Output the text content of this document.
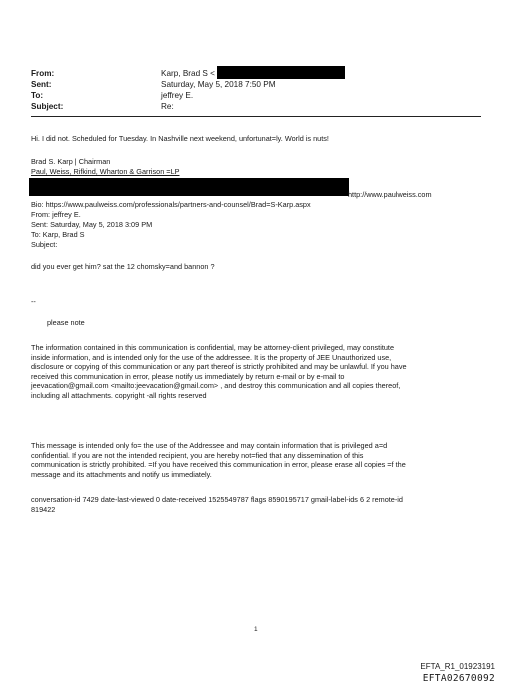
From:	Karp, Brad S <
Sent:	Saturday, May 5, 2018 7:50 PM
To:	jeffrey E.
Subject:	Re:
Hi. I did not. Scheduled for Tuesday. In Nashville next weekend, unfortunat=ly. World is nuts!
Brad S. Karp | Chairman
Paul, Weiss, Rifkind, Wharton & Garrison =LP
http://www.paulweiss.com
Bio: https://www.paulweiss.com/professionals/partners-and-counsel/Brad=S-Karp.aspx
From: jeffrey E.
Sent: Saturday, May 5, 2018 3:09 PM
To: Karp, Brad S
Subject:
did you ever get him? sat the 12 chomsky=and bannon ?
--
please note
The information contained in this communication is confidential, may be attorney-client privileged, may constitute
inside information, and is intended only for the use of the addressee. It is the property of JEE Unauthorized use,
disclosure or copying of this communication or any part thereof is strictly prohibited and may be unlawful. If you have
received this communication in error, please notify us immediately by return e-mail or by e-mail to
jeevacation@gmail.com <mailto:jeevacation@gmail.com> , and destroy this communication and all copies thereof,
including all attachments. copyright -all rights reserved
This message is intended only fo= the use of the Addressee and may contain information that is privileged a=d
confidential. If you are not the intended recipient, you are hereby not=fied that any dissemination of this
communication is strictly prohibited. =If you have received this communication in error, please erase all copies =f the
message and its attachments and notify us immediately.
conversation-id 7429 date-last-viewed 0 date-received 1525549787 flags 8590195717 gmail-label-ids 6 2 remote-id
819422
1
EFTA_R1_01923191
EFTA02670092
